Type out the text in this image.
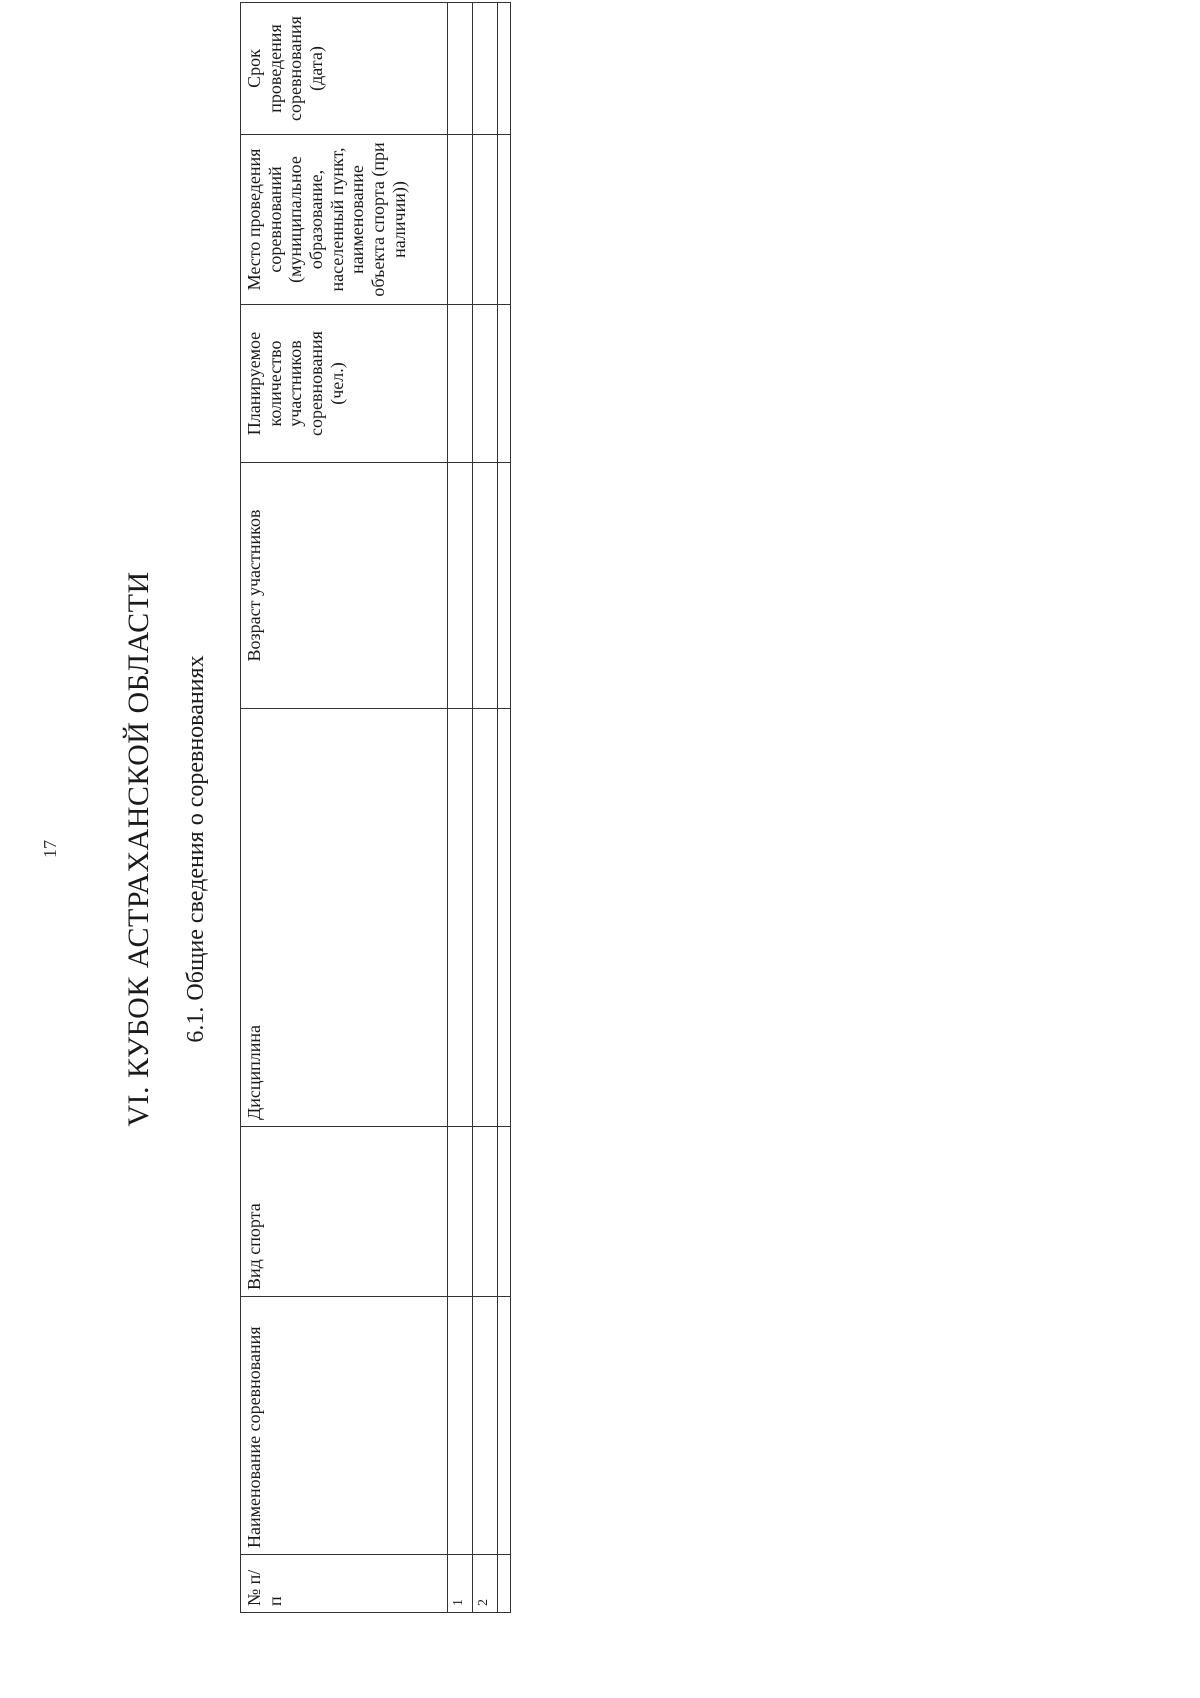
17 VI. КУБОК АСТРАХАНСКОЙ ОБЛАСТИ 6.1. Общие сведения о соревнованиях
№ п/п	Наименование соревнования	Вид спорта	Дисциплина	Возраст участников	Планируемое количество участников соревнования (чел.)	Место проведения соревнований (муниципальное образование, населенный пункт, наименование объекта спорта (при наличии))	Срок проведения соревнования (дата)
1							
2							
